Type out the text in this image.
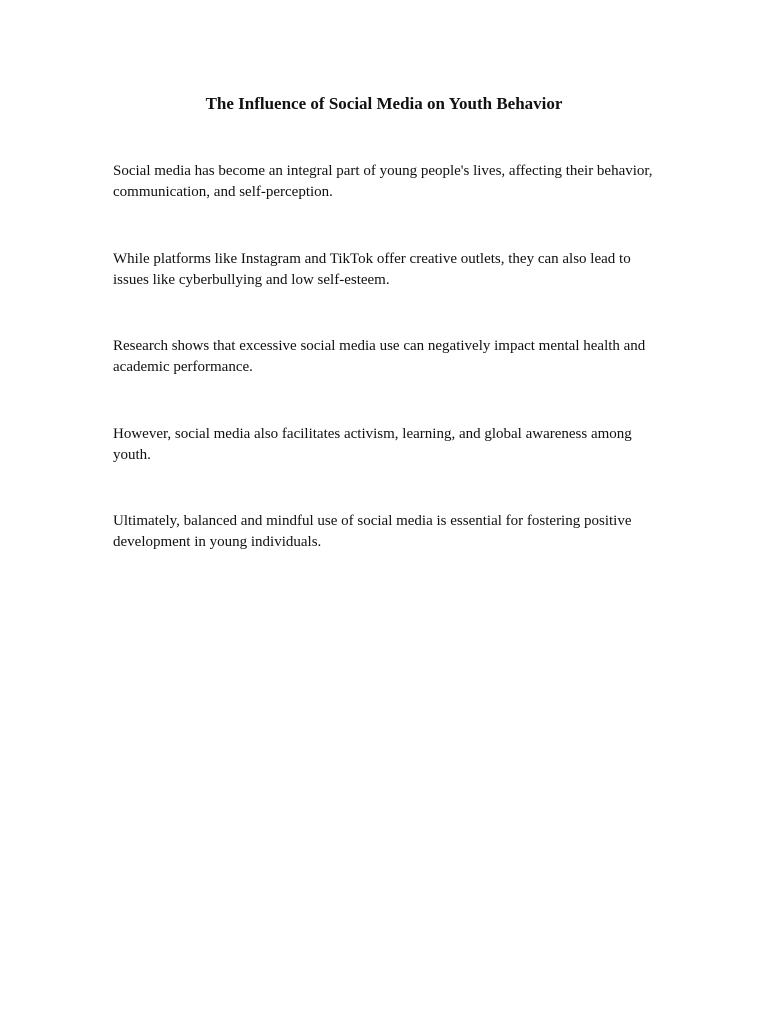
The Influence of Social Media on Youth Behavior

Social media has become an integral part of young people's lives, affecting their behavior, communication, and self-perception.

While platforms like Instagram and TikTok offer creative outlets, they can also lead to issues like cyberbullying and low self-esteem.

Research shows that excessive social media use can negatively impact mental health and academic performance.

However, social media also facilitates activism, learning, and global awareness among youth.

Ultimately, balanced and mindful use of social media is essential for fostering positive development in young individuals.
